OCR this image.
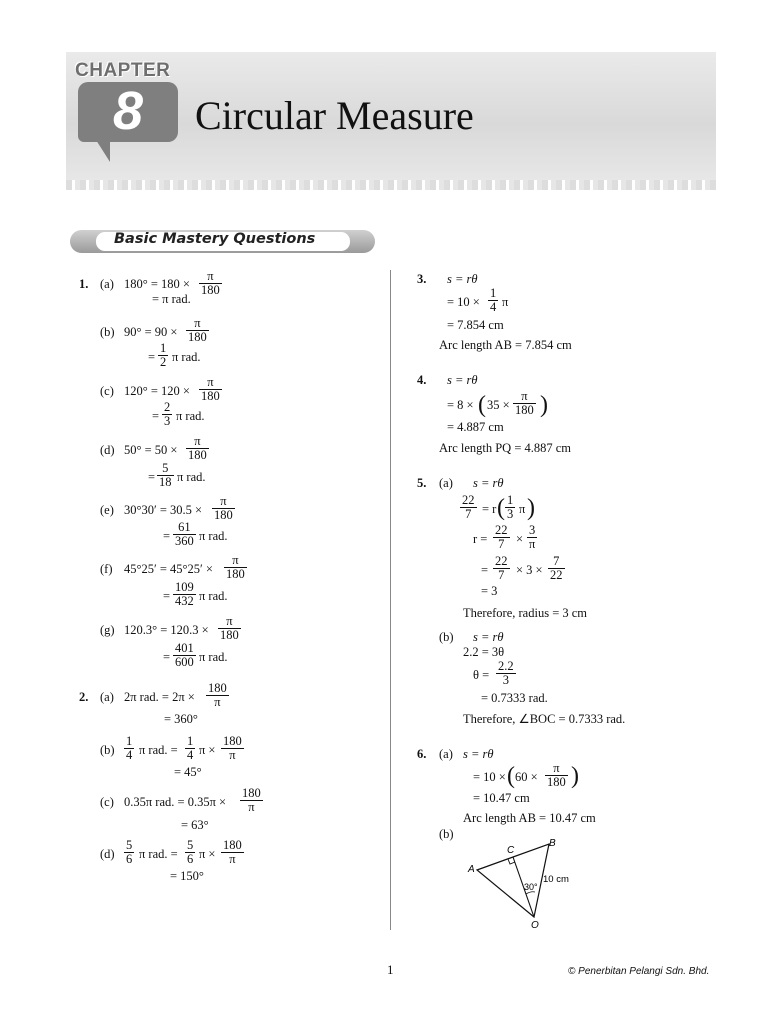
CHAPTER
8	Circular Measure
Basic Mastery Questions
1. (a) $180^\circ = 180 \times \frac{\pi}{180}$
= π rad.
(b) $90^\circ = 90 \times \frac{\pi}{180}$
= $\frac{1}{2}$ π rad.
(c) $120^\circ = 120 \times \frac{\pi}{180}$
= $\frac{2}{3}$ π rad.
(d) $50^\circ = 50 \times \frac{\pi}{180}$
= $\frac{5}{18}$ π rad.
(e) $30^\circ 30' = 30.5 \times \frac{\pi}{180}$
= $\frac{61}{360}$ π rad.
(f) $45^\circ 25' = 45^\circ 25' \times \frac{\pi}{180}$
= $\frac{109}{432}$ π rad.
(g) $120.3^\circ = 120.3 \times \frac{\pi}{180}$
= $\frac{401}{600}$ π rad.
2. (a) 2π rad. = $2\pi \times \frac{180}{\pi}$
= 360°
$(b) \frac{1}{4}$ π rad. = $\frac{1}{4}$ $\pi \times \frac{180}{\pi}$
= 45°
(c) 0.35π rad. = $0.35\pi \times \frac{180}{\pi}$
= 63°
$(d) \frac{5}{6}$ π rad. = $\frac{5}{6}$ $\pi \times \frac{180}{\pi}$
= 150°
3. s = rθ
= $10 \times \frac{1}{4}$ π
= 7.854 cm
Arc length AB = 7.854 cm
4. s = rθ
= 8 × ( $35 \times \frac{\pi}{180}$ )
= 4.887 cm
Arc length PQ = 4.887 cm
5. (a) s = rθ
$\frac{22}{7} = r$ ( $\frac{1}{3}$ π )
$r = \frac{22}{7} \times \frac{3}{\pi}$
= $\frac{22}{7} \times 3 \times \frac{7}{22}$
= 3
Therefore, radius = 3 cm
(b) s = rθ
2.2 = 3θ
$\theta = \frac{2.2}{3}$
= 0.7333 rad.
Therefore, ∠BOC = 0.7333 rad.
6. (a) s = rθ
= 10 × ( $60 \times \frac{\pi}{180}$ )
= 10.47 cm
Arc length AB = 10.47 cm
(b)
A
B
C
O
30°
10 cm
1	© Penerbitan Pelangi Sdn. Bhd.
